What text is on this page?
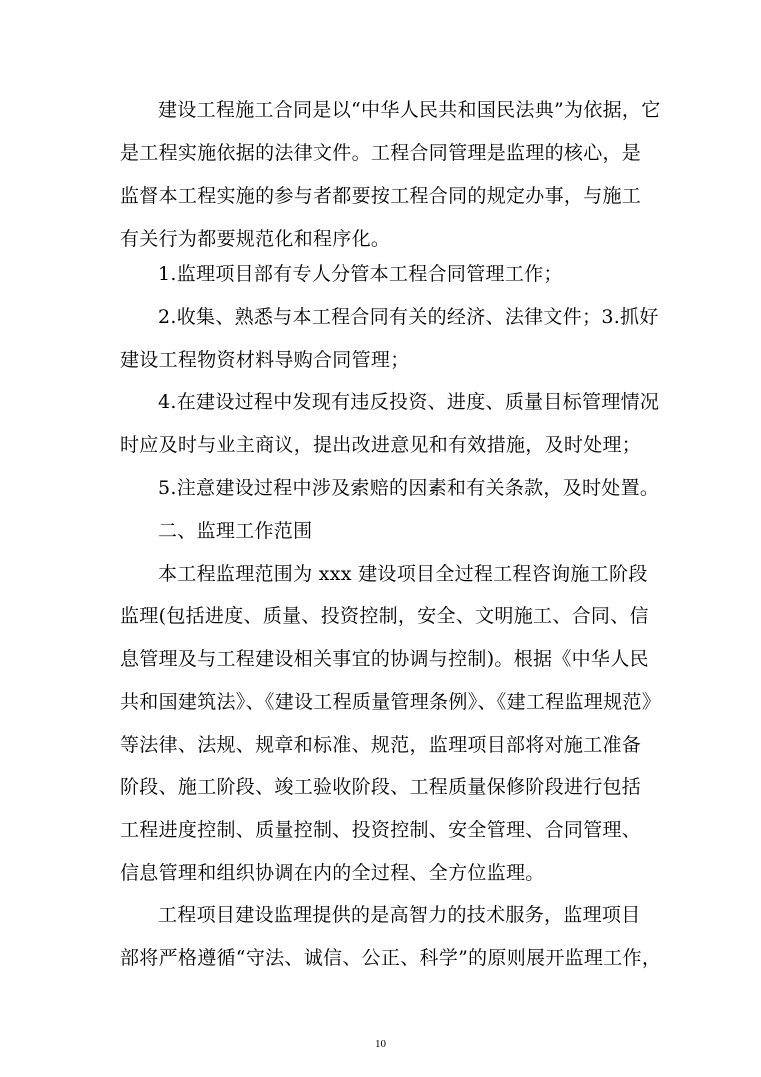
建设工程施工合同是以“中华人民共和国民法典”为依据，它
是工程实施依据的法律文件。工程合同管理是监理的核心，是
监督本工程实施的参与者都要按工程合同的规定办事，与施工
有关行为都要规范化和程序化。
1.监理项目部有专人分管本工程合同管理工作；
2.收集、熟悉与本工程合同有关的经济、法律文件；3.抓好
建设工程物资材料导购合同管理；
4.在建设过程中发现有违反投资、进度、质量目标管理情况
时应及时与业主商议，提出改进意见和有效措施，及时处理；
5.注意建设过程中涉及索赔的因素和有关条款，及时处置。
二、监理工作范围
本工程监理范围为 xxx 建设项目全过程工程咨询施工阶段
监理(包括进度、质量、投资控制，安全、文明施工、合同、信
息管理及与工程建设相关事宜的协调与控制)。根据《中华人民
共和国建筑法》、《建设工程质量管理条例》、《建工程监理规范》
等法律、法规、规章和标准、规范，监理项目部将对施工准备
阶段、施工阶段、竣工验收阶段、工程质量保修阶段进行包括
工程进度控制、质量控制、投资控制、安全管理、合同管理、
信息管理和组织协调在内的全过程、全方位监理。
工程项目建设监理提供的是高智力的技术服务，监理项目
部将严格遵循“守法、诚信、公正、科学”的原则展开监理工作，
10
